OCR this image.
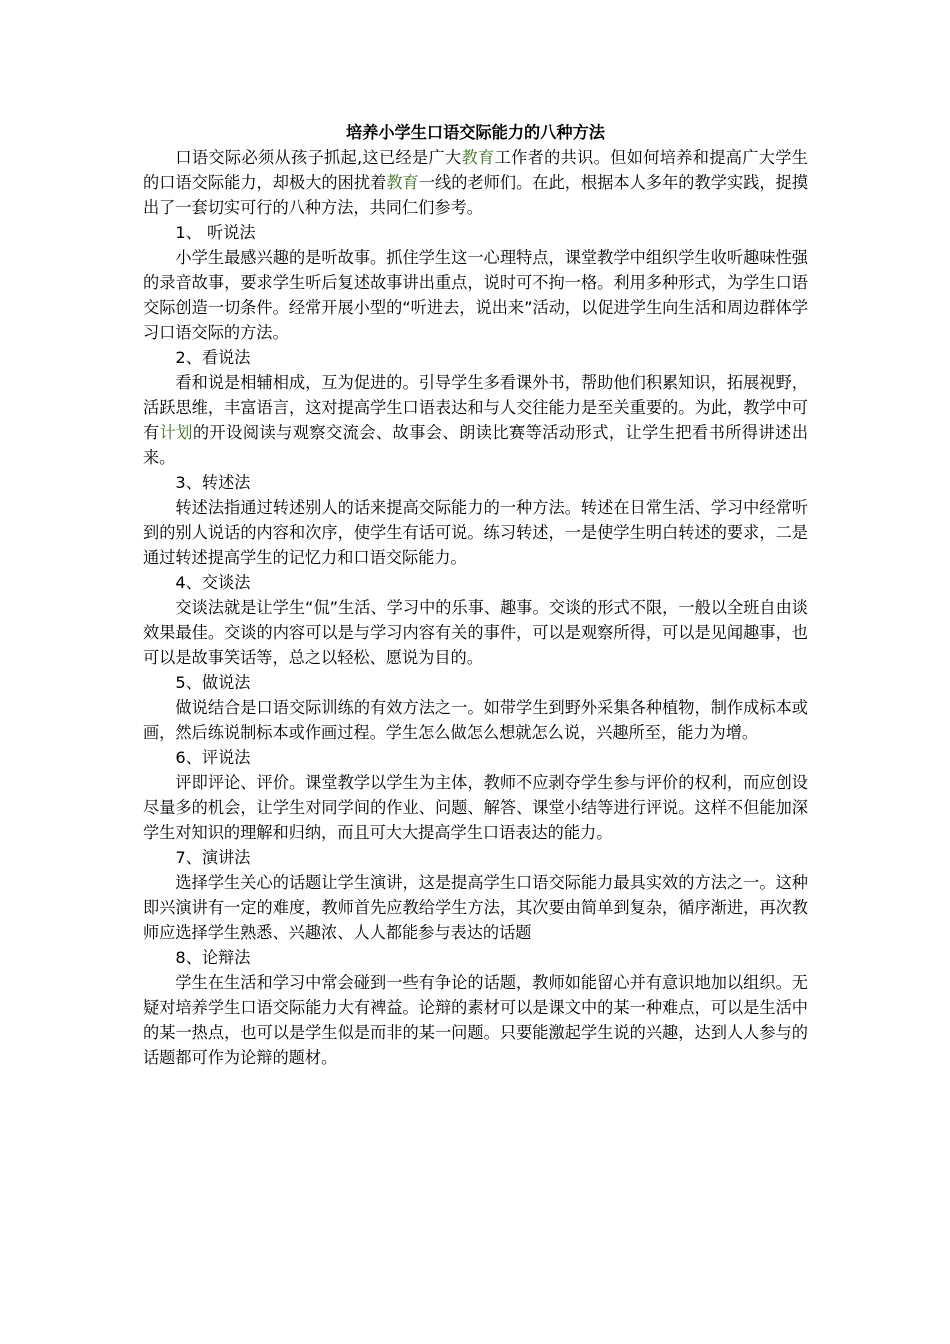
培养小学生口语交际能力的八种方法

口语交际必须从孩子抓起,这已经是广大教育工作者的共识。但如何培养和提高广大学生的口语交际能力，却极大的困扰着教育一线的老师们。在此，根据本人多年的教学实践，捉摸出了一套切实可行的八种方法，共同仁们参考。

1、 听说法

小学生最感兴趣的是听故事。抓住学生这一心理特点，课堂教学中组织学生收听趣味性强的录音故事，要求学生听后复述故事讲出重点，说时可不拘一格。利用多种形式，为学生口语交际创造一切条件。经常开展小型的“听进去，说出来”活动，以促进学生向生活和周边群体学习口语交际的方法。

2、看说法

看和说是相辅相成，互为促进的。引导学生多看课外书，帮助他们积累知识，拓展视野，活跃思维，丰富语言，这对提高学生口语表达和与人交往能力是至关重要的。为此，教学中可有计划的开设阅读与观察交流会、故事会、朗读比赛等活动形式，让学生把看书所得讲述出来。

3、转述法

转述法指通过转述别人的话来提高交际能力的一种方法。转述在日常生活、学习中经常听到的别人说话的内容和次序，使学生有话可说。练习转述，一是使学生明白转述的要求，二是通过转述提高学生的记忆力和口语交际能力。

4、交谈法

交谈法就是让学生“侃”生活、学习中的乐事、趣事。交谈的形式不限，一般以全班自由谈效果最佳。交谈的内容可以是与学习内容有关的事件，可以是观察所得，可以是见闻趣事，也可以是故事笑话等，总之以轻松、愿说为目的。

5、做说法

做说结合是口语交际训练的有效方法之一。如带学生到野外采集各种植物，制作成标本或画，然后练说制标本或作画过程。学生怎么做怎么想就怎么说，兴趣所至，能力为增。

6、评说法

评即评论、评价。课堂教学以学生为主体，教师不应剥夺学生参与评价的权利，而应创设尽量多的机会，让学生对同学间的作业、问题、解答、课堂小结等进行评说。这样不但能加深学生对知识的理解和归纳，而且可大大提高学生口语表达的能力。

7、演讲法

选择学生关心的话题让学生演讲，这是提高学生口语交际能力最具实效的方法之一。这种即兴演讲有一定的难度，教师首先应教给学生方法，其次要由简单到复杂，循序渐进，再次教师应选择学生熟悉、兴趣浓、人人都能参与表达的话题

8、论辩法

学生在生活和学习中常会碰到一些有争论的话题，教师如能留心并有意识地加以组织。无疑对培养学生口语交际能力大有裨益。论辩的素材可以是课文中的某一种难点，可以是生活中的某一热点，也可以是学生似是而非的某一问题。只要能激起学生说的兴趣，达到人人参与的话题都可作为论辩的题材。
